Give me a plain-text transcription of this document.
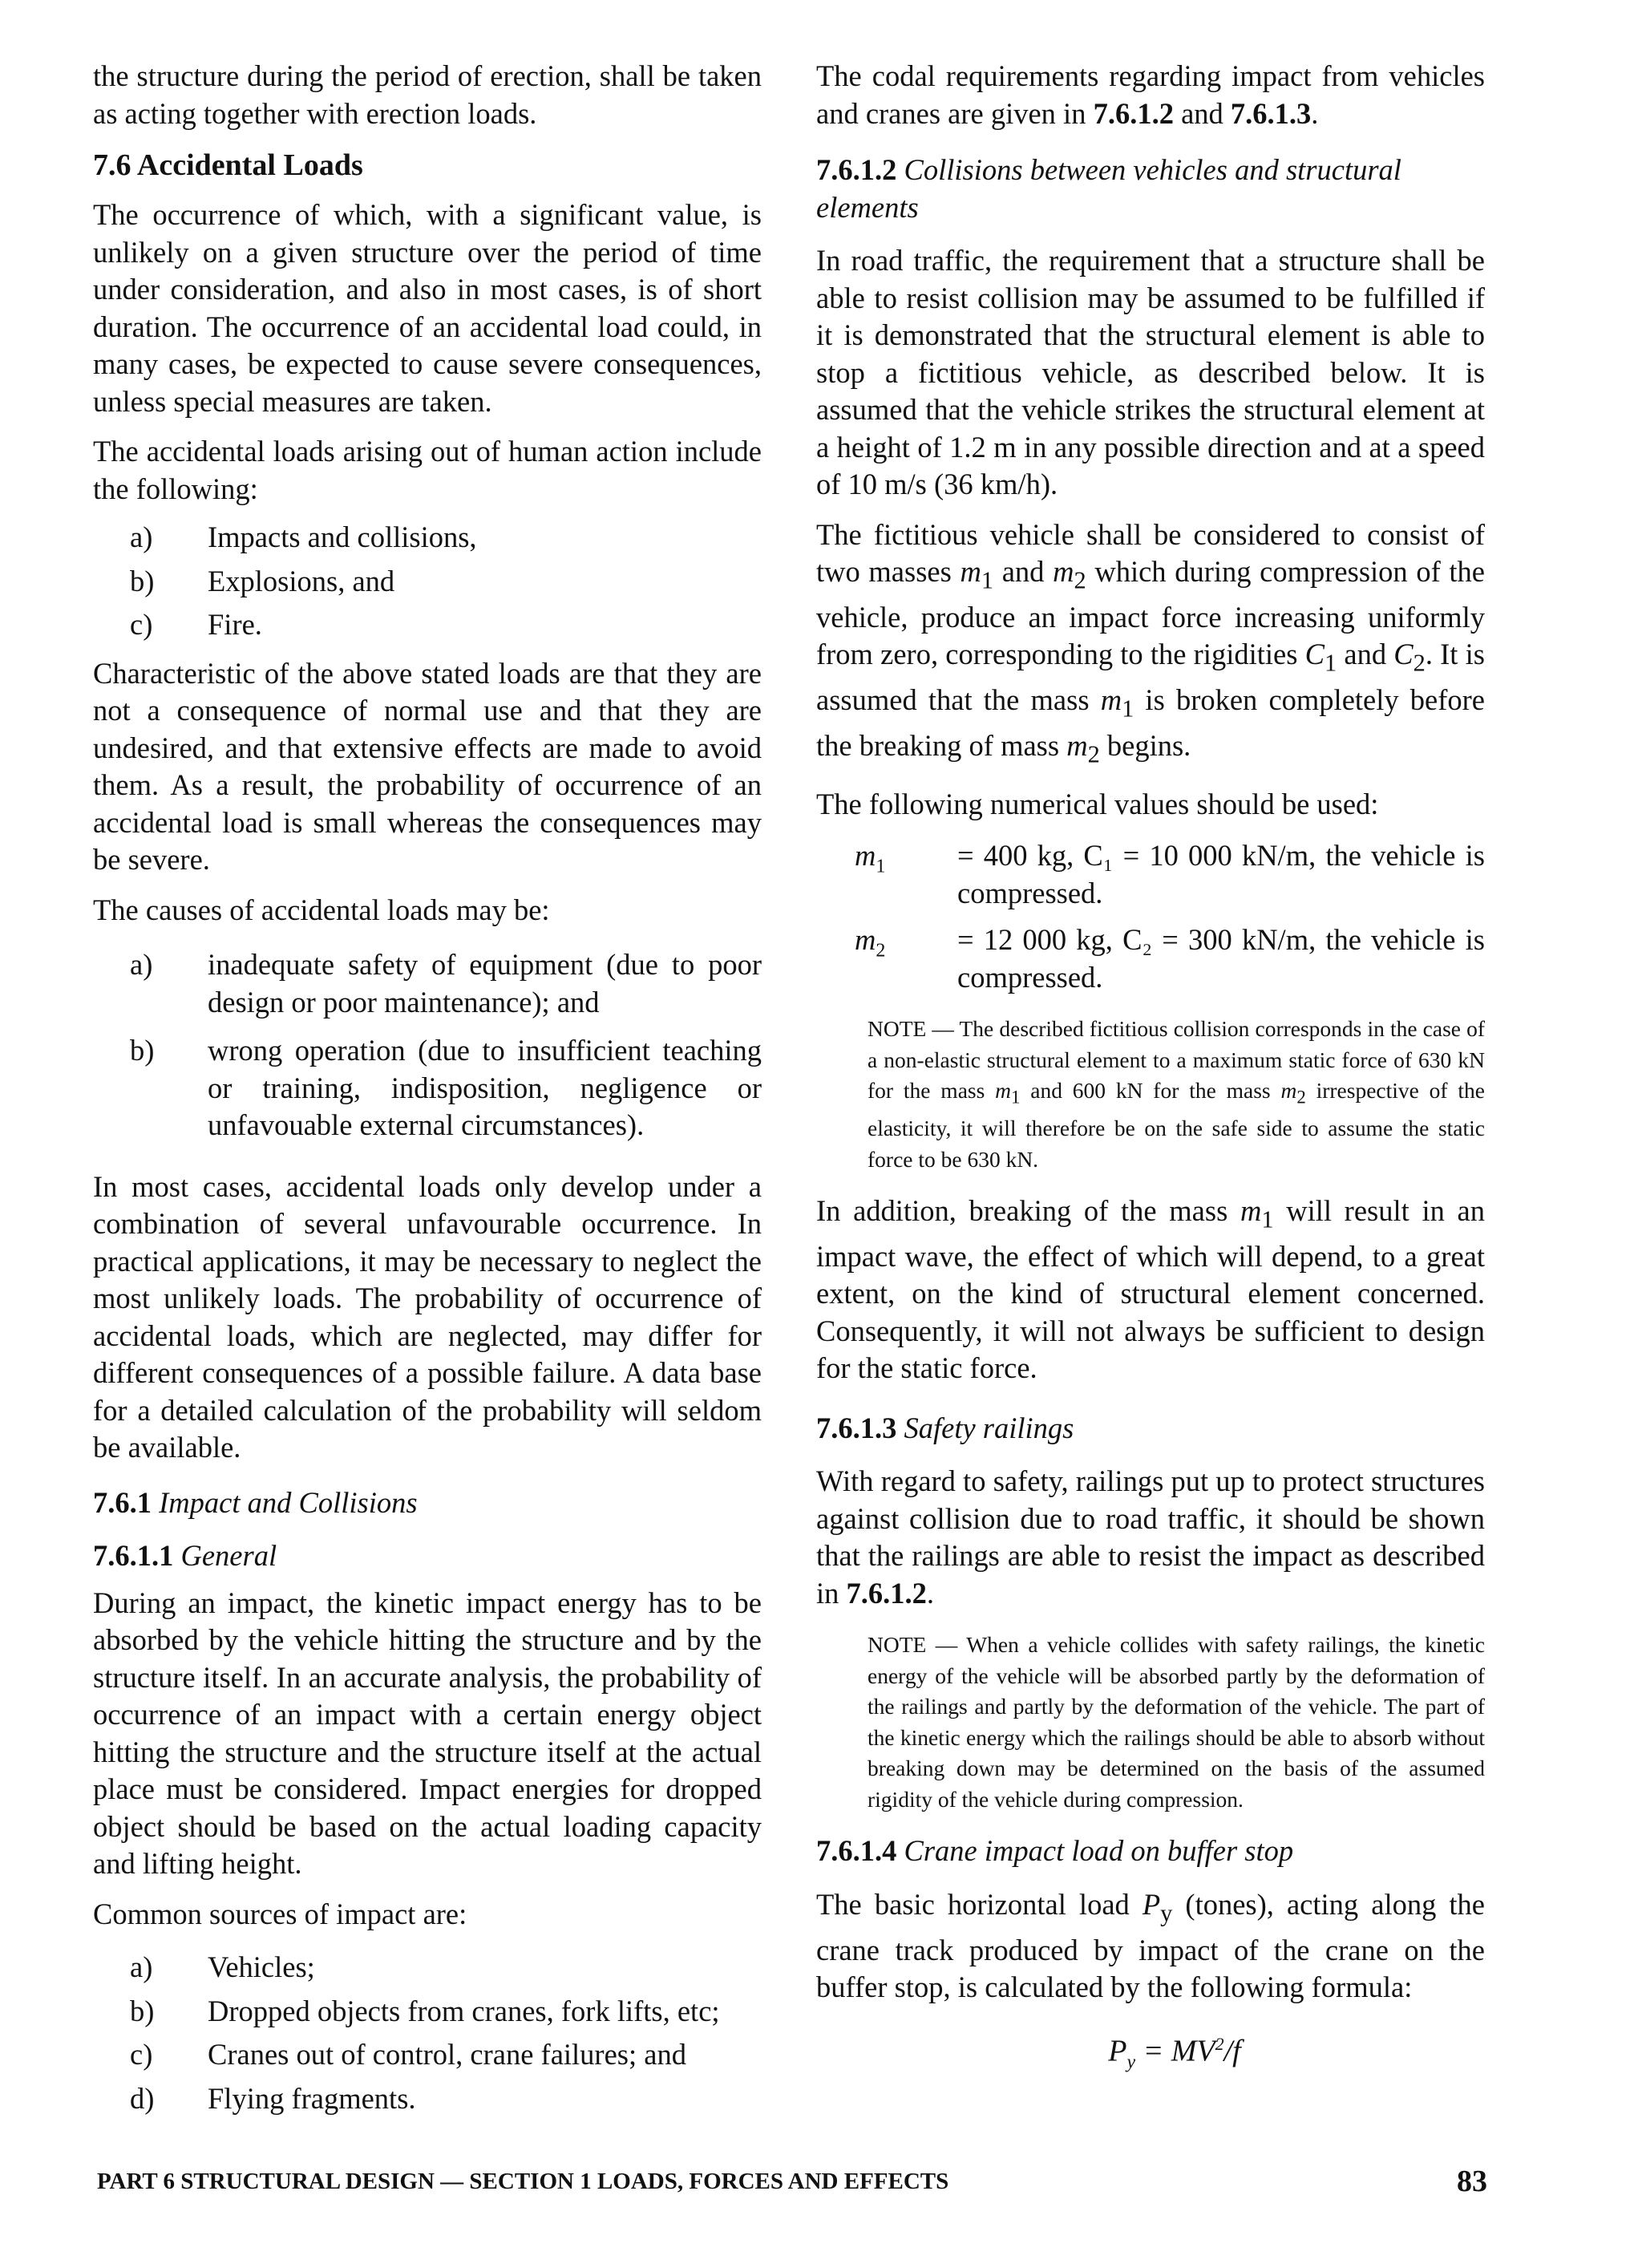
the structure during the period of erection, shall be taken as acting together with erection loads.

7.6 Accidental Loads

The occurrence of which, with a significant value, is unlikely on a given structure over the period of time under consideration, and also in most cases, is of short duration. The occurrence of an accidental load could, in many cases, be expected to cause severe consequences, unless special measures are taken.

The accidental loads arising out of human action include the following:

a) Impacts and collisions,
b) Explosions, and
c) Fire.

Characteristic of the above stated loads are that they are not a consequence of normal use and that they are undesired, and that extensive effects are made to avoid them. As a result, the probability of occurrence of an accidental load is small whereas the consequences may be severe.

The causes of accidental loads may be:

a) inadequate safety of equipment (due to poor design or poor maintenance); and
b) wrong operation (due to insufficient teaching or training, indisposition, negligence or unfavouable external circumstances).

In most cases, accidental loads only develop under a combination of several unfavourable occurrence. In practical applications, it may be necessary to neglect the most unlikely loads. The probability of occurrence of accidental loads, which are neglected, may differ for different consequences of a possible failure. A data base for a detailed calculation of the probability will seldom be available.

7.6.1 Impact and Collisions
7.6.1.1 General

During an impact, the kinetic impact energy has to be absorbed by the vehicle hitting the structure and by the structure itself. In an accurate analysis, the probability of occurrence of an impact with a certain energy object hitting the structure and the structure itself at the actual place must be considered. Impact energies for dropped object should be based on the actual loading capacity and lifting height.

Common sources of impact are:

a) Vehicles;
b) Dropped objects from cranes, fork lifts, etc;
c) Cranes out of control, crane failures; and
d) Flying fragments.

The codal requirements regarding impact from vehicles and cranes are given in 7.6.1.2 and 7.6.1.3.

7.6.1.2 Collisions between vehicles and structural elements

In road traffic, the requirement that a structure shall be able to resist collision may be assumed to be fulfilled if it is demonstrated that the structural element is able to stop a fictitious vehicle, as described below. It is assumed that the vehicle strikes the structural element at a height of 1.2 m in any possible direction and at a speed of 10 m/s (36 km/h).

The fictitious vehicle shall be considered to consist of two masses $m_1$ and $m_2$ which during compression of the vehicle, produce an impact force increasing uniformly from zero, corresponding to the rigidities $C_1$ and $C_2$. It is assumed that the mass $m_1$ is broken completely before the breaking of mass $m_2$ begins.

The following numerical values should be used:

$m_1 = 400$ kg, C₁ = 10 000 kN/m, the vehicle is compressed.
$m_2 = 12$ 000 kg, C₂ = 300 kN/m, the vehicle is compressed.
NOTE — The described fictitious collision corresponds in the case of a non-elastic structural element to a maximum static force of 630 kN for the mass $m_1$ and 600 kN for the mass $m_2$ irrespective of the elasticity, it will therefore be on the safe side to assume the static force to be 630 kN.

In addition, breaking of the mass $m_1$ will result in an impact wave, the effect of which will depend, to a great extent, on the kind of structural element concerned. Consequently, it will not always be sufficient to design for the static force.

7.6.1.3 Safety railings

With regard to safety, railings put up to protect structures against collision due to road traffic, it should be shown that the railings are able to resist the impact as described in 7.6.1.2.

NOTE — When a vehicle collides with safety railings, the kinetic energy of the vehicle will be absorbed partly by the deformation of the railings and partly by the deformation of the vehicle. The part of the kinetic energy which the railings should be able to absorb without breaking down may be determined on the basis of the assumed rigidity of the vehicle during compression.
7.6.1.4 Crane impact load on buffer stop

The basic horizontal load $P_y$ (tones), acting along the crane track produced by impact of the crane on the buffer stop, is calculated by the following formula:

$P_y = MV^2/f$
PART 6 STRUCTURAL DESIGN — SECTION 1 LOADS, FORCES AND EFFECTS	83
